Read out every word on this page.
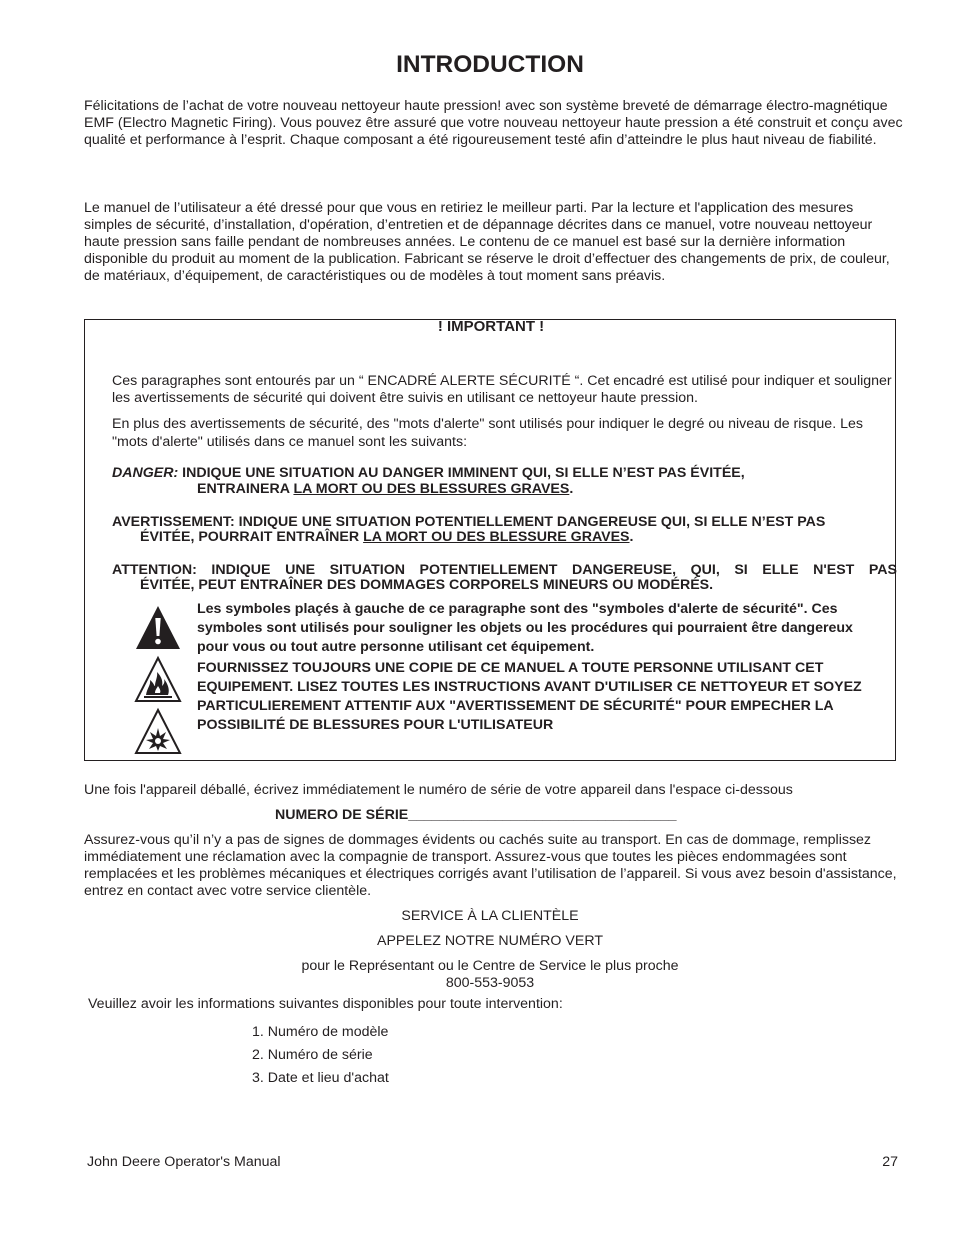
INTRODUCTION
Félicitations de l’achat de votre nouveau nettoyeur haute pression! avec son système breveté de démarrage électro-magnétique EMF (Electro Magnetic Firing). Vous pouvez être assuré que votre nouveau nettoyeur haute pression a été construit et conçu avec qualité et performance à l’esprit. Chaque composant a été rigoureusement testé afin d’atteindre le plus haut niveau de fiabilité.
Le manuel de l’utilisateur a été dressé pour que vous en retiriez le meilleur parti. Par la lecture et l'application des mesures simples de sécurité, d’installation, d'opération, d’entretien et de dépannage décrites dans ce manuel, votre nouveau nettoyeur haute pression sans faille pendant de nombreuses années. Le contenu de ce manuel est basé sur la dernière information disponible du produit au moment de la publication. Fabricant se réserve le droit d’effectuer des changements de prix, de couleur, de matériaux, d’équipement, de caractéristiques ou de modèles à tout moment sans préavis.
! IMPORTANT !
Ces paragraphes sont entourés par un “ ENCADRÉ ALERTE SÉCURITÉ “. Cet encadré est utilisé pour indiquer et souligner les avertissements de sécurité qui doivent être suivis en utilisant ce nettoyeur haute pression.
En plus des avertissements de sécurité, des "mots d'alerte" sont utilisés pour indiquer le degré ou niveau de risque. Les "mots d'alerte" utilisés dans ce manuel sont les suivants:
DANGER: INDIQUE UNE SITUATION AU DANGER IMMINENT QUI, SI ELLE N’EST PAS ÉVITÉE,
ENTRAINERA LA MORT OU DES BLESSURES GRAVES.
AVERTISSEMENT: INDIQUE UNE SITUATION POTENTIELLEMENT DANGEREUSE QUI, SI ELLE N’EST PAS
ÉVITÉE, POURRAIT ENTRAÎNER LA MORT OU DES BLESSURE GRAVES.
ATTENTION: INDIQUE UNE SITUATION POTENTIELLEMENT DANGEREUSE, QUI, SI ELLE N'EST PAS
ÉVITÉE, PEUT ENTRAÎNER DES DOMMAGES CORPORELS MINEURS OU MODÉRÉS.
Les symboles plaçés à gauche de ce paragraphe sont des "symboles d'alerte de sécurité". Ces symboles sont utilisés pour souligner les objets ou les procédures qui pourraient être dangereux pour vous ou tout autre personne utilisant cet équipement.
FOURNISSEZ TOUJOURS UNE COPIE DE CE MANUEL A TOUTE PERSONNE UTILISANT CET EQUIPEMENT. LISEZ TOUTES LES INSTRUCTIONS AVANT D'UTILISER CE NETTOYEUR ET SOYEZ PARTICULIEREMENT ATTENTIF AUX "AVERTISSEMENT DE SÉCURITÉ" POUR EMPECHER LA POSSIBILITÉ DE BLESSURES POUR L'UTILISATEUR
Une fois l'appareil déballé, écrivez immédiatement le numéro de série de votre appareil dans l'espace ci-dessous
NUMERO DE SÉRIE__________________________________
Assurez-vous qu’il n’y a pas de signes de dommages évidents ou cachés suite au transport. En cas de dommage, remplissez immédiatement une réclamation avec la compagnie de transport. Assurez-vous que toutes les pièces endommagées sont remplacées et les problèmes mécaniques et électriques corrigés avant l’utilisation de l’appareil. Si vous avez besoin d'assistance, entrez en contact avec votre service clientèle.
SERVICE À LA CLIENTÈLE
APPELEZ NOTRE NUMÉRO VERT
pour le Représentant ou le Centre de Service le plus proche
800-553-9053
Veuillez avoir les informations suivantes disponibles pour toute intervention:
1. Numéro de modèle
2. Numéro de série
3. Date et lieu d'achat
John Deere Operator's Manual	27
